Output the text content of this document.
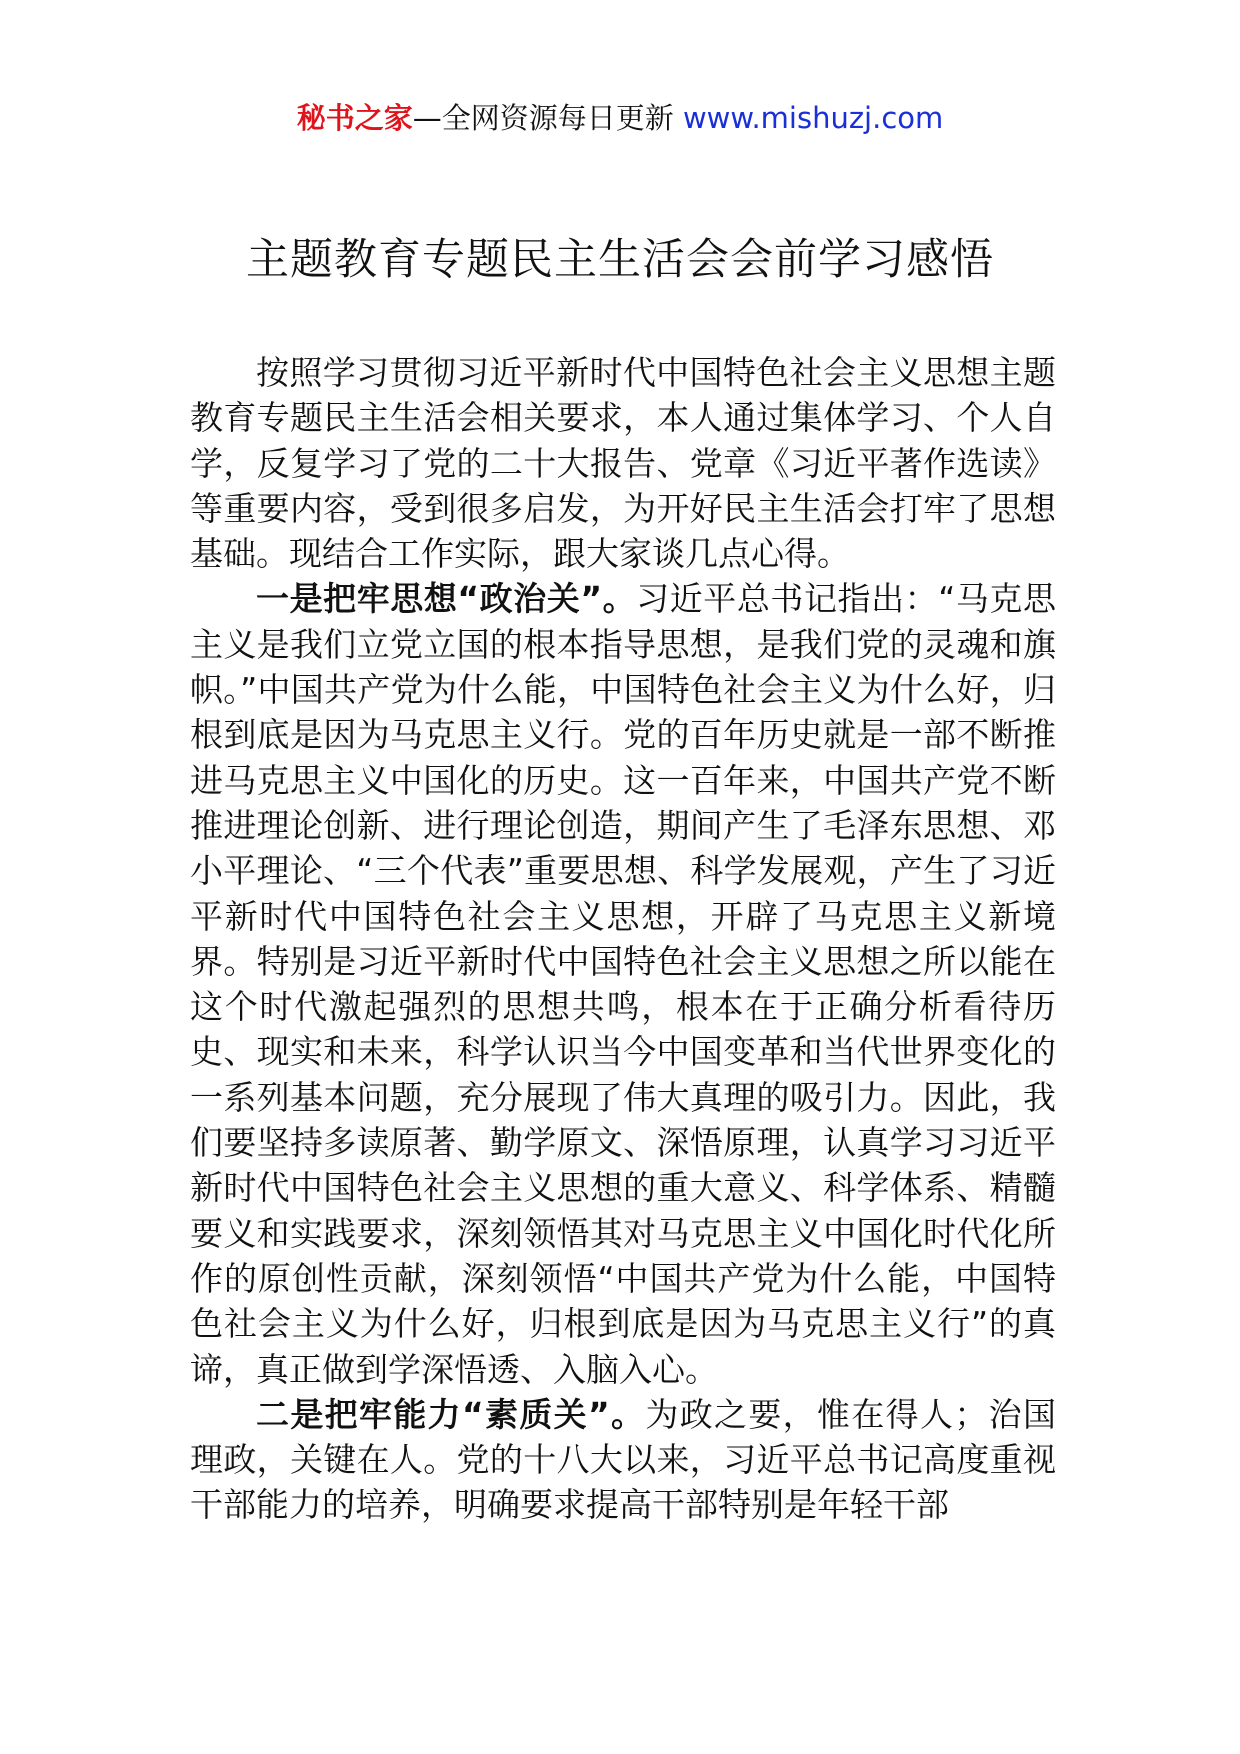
秘书之家—全网资源每日更新 www.mishuzj.com
主题教育专题民主生活会会前学习感悟

按照学习贯彻习近平新时代中国特色社会主义思想主题教育专题民主生活会相关要求，本人通过集体学习、个人自学，反复学习了党的二十大报告、党章《习近平著作选读》等重要内容，受到很多启发，为开好民主生活会打牢了思想基础。现结合工作实际，跟大家谈几点心得。

一是把牢思想“政治关”。习近平总书记指出：“马克思主义是我们立党立国的根本指导思想，是我们党的灵魂和旗帜。”中国共产党为什么能，中国特色社会主义为什么好，归根到底是因为马克思主义行。党的百年历史就是一部不断推进马克思主义中国化的历史。这一百年来，中国共产党不断推进理论创新、进行理论创造，期间产生了毛泽东思想、邓小平理论、“三个代表”重要思想、科学发展观，产生了习近平新时代中国特色社会主义思想，开辟了马克思主义新境界。特别是习近平新时代中国特色社会主义思想之所以能在这个时代激起强烈的思想共鸣，根本在于正确分析看待历史、现实和未来，科学认识当今中国变革和当代世界变化的一系列基本问题，充分展现了伟大真理的吸引力。因此，我们要坚持多读原著、勤学原文、深悟原理，认真学习习近平新时代中国特色社会主义思想的重大意义、科学体系、精髓要义和实践要求，深刻领悟其对马克思主义中国化时代化所作的原创性贡献，深刻领悟“中国共产党为什么能，中国特色社会主义为什么好，归根到底是因为马克思主义行”的真谛，真正做到学深悟透、入脑入心。

二是把牢能力“素质关”。为政之要，惟在得人；治国理政，关键在人。党的十八大以来，习近平总书记高度重视干部能力的培养，明确要求提高干部特别是年轻干部
